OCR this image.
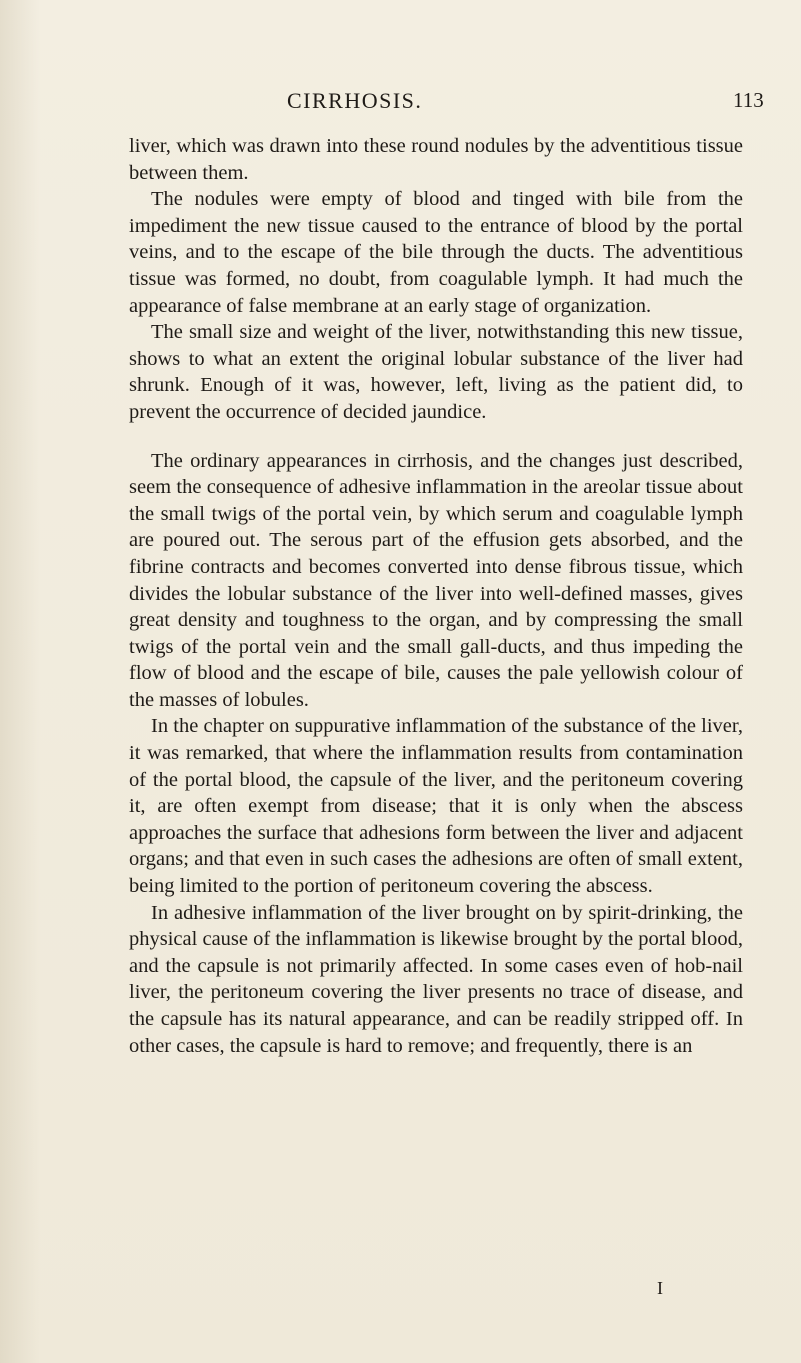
CIRRHOSIS.	113

liver, which was drawn into these round nodules by the adventitious tissue between them.

The nodules were empty of blood and tinged with bile from the impediment the new tissue caused to the entrance of blood by the portal veins, and to the escape of the bile through the ducts. The adventitious tissue was formed, no doubt, from coagulable lymph. It had much the appearance of false membrane at an early stage of organization.

The small size and weight of the liver, notwithstanding this new tissue, shows to what an extent the original lobular substance of the liver had shrunk. Enough of it was, however, left, living as the patient did, to prevent the occurrence of decided jaundice.

The ordinary appearances in cirrhosis, and the changes just described, seem the consequence of adhesive inflammation in the areolar tissue about the small twigs of the portal vein, by which serum and coagulable lymph are poured out. The serous part of the effusion gets absorbed, and the fibrine contracts and becomes converted into dense fibrous tissue, which divides the lobular substance of the liver into well-defined masses, gives great density and toughness to the organ, and by compressing the small twigs of the portal vein and the small gall-ducts, and thus impeding the flow of blood and the escape of bile, causes the pale yellowish colour of the masses of lobules.

In the chapter on suppurative inflammation of the substance of the liver, it was remarked, that where the inflammation results from contamination of the portal blood, the capsule of the liver, and the peritoneum covering it, are often exempt from disease; that it is only when the abscess approaches the surface that adhesions form between the liver and adjacent organs; and that even in such cases the adhesions are often of small extent, being limited to the portion of peritoneum covering the abscess.

In adhesive inflammation of the liver brought on by spirit-drinking, the physical cause of the inflammation is likewise brought by the portal blood, and the capsule is not primarily affected. In some cases even of hob-nail liver, the peritoneum covering the liver presents no trace of disease, and the capsule has its natural appearance, and can be readily stripped off. In other cases, the capsule is hard to remove; and frequently, there is an

I
